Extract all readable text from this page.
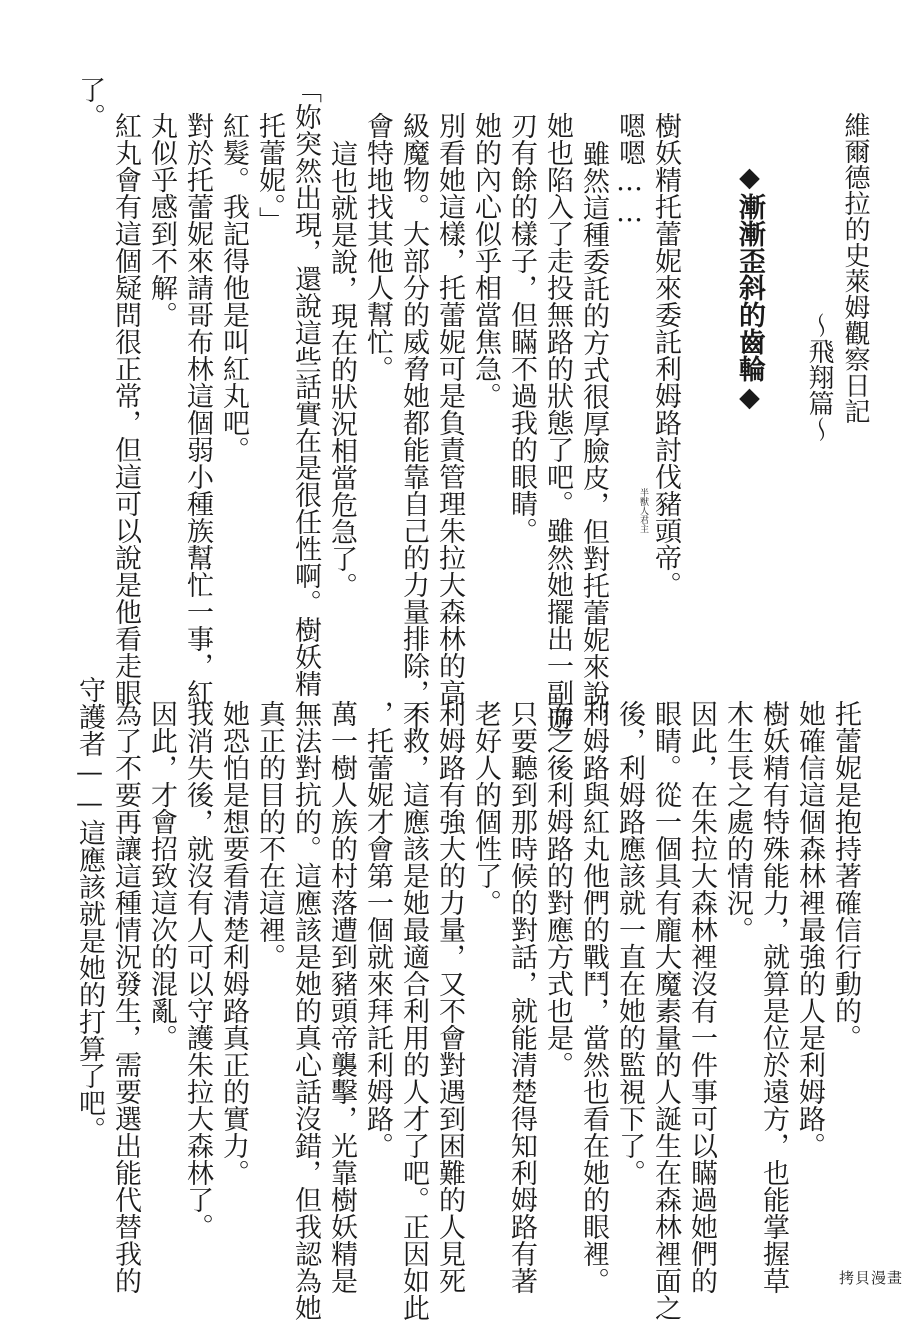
維爾德拉的史萊姆觀察日記
～飛翔篇～
◆漸漸歪斜的齒輪◆
樹妖精托蕾妮來委託利姆路討伐豬頭帝
半獸人君主
。
嗯嗯……
雖然這種委託的方式很厚臉皮，但對托蕾妮來說，
她也陷入了走投無路的狀態了吧。雖然她擺出一副遊
刃有餘的樣子，但瞞不過我的眼睛。
她的內心似乎相當焦急。
別看她這樣，托蕾妮可是負責管理朱拉大森林的高
級魔物。大部分的威脅她都能靠自己的力量排除，不
會特地找其他人幫忙。
這也就是說，現在的狀況相當危急了。
「妳突然出現，還說這些話實在是很任性啊。樹妖精
托蕾妮。」
紅髮。我記得他是叫紅丸吧。
對於托蕾妮來請哥布林這個弱小種族幫忙一事，紅
丸似乎感到不解。
紅丸會有這個疑問很正常，但這可以說是他看走眼
了。
托蕾妮是抱持著確信行動的。
她確信這個森林裡最強的人是利姆路。
樹妖精有特殊能力，就算是位於遠方，也能掌握草
木生長之處的情況。
因此，在朱拉大森林裡沒有一件事可以瞞過她們的
眼睛。從一個具有龐大魔素量的人誕生在森林裡面之
後，利姆路應該就一直在她的監視下了。
利姆路與紅丸他們的戰鬥，當然也看在她的眼裡。
而之後利姆路的對應方式也是。
只要聽到那時候的對話，就能清楚得知利姆路有著
老好人的個性了。
利姆路有強大的力量，又不會對遇到困難的人見死
不救，這應該是她最適合利用的人才了吧。正因如此
，托蕾妮才會第一個就來拜託利姆路。
萬一樹人族的村落遭到豬頭帝襲擊，光靠樹妖精是
無法對抗的。這應該是她的真心話沒錯，但我認為她
真正的目的不在這裡。
她恐怕是想要看清楚利姆路真正的實力。
我消失後，就沒有人可以守護朱拉大森林了。
因此，才會招致這次的混亂。
為了不要再讓這種情況發生，需要選出能代替我的
守護者——這應該就是她的打算了吧。
拷貝漫畫
